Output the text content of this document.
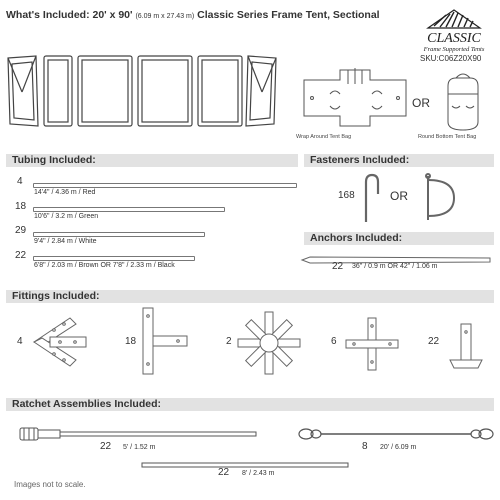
What's Included: 20' x 90' (6.09 m x 27.43 m) Classic Series Frame Tent, Sectional
CLASSIC
Frame Supported Tents
SKU:C06Z20X90
Wrap Around Tent Bag
OR
Round Bottom Tent Bag
Tubing Included:
4
14'4" / 4.36 m / Red
18
10'6" / 3.2 m / Green
29
9'4" / 2.84 m / White
22
6'8" / 2.03 m / Brown OR 7'8" / 2.33 m / Black
Fasteners Included:
168	OR
Anchors Included:
22 36" / 0.9 m OR 42" / 1.06 m
Fittings Included:
4	18	2	6	22
Ratchet Assemblies Included:
22 5' / 1.52 m	8 20' / 6.09 m
22 8' / 2.43 m
Images not to scale.
